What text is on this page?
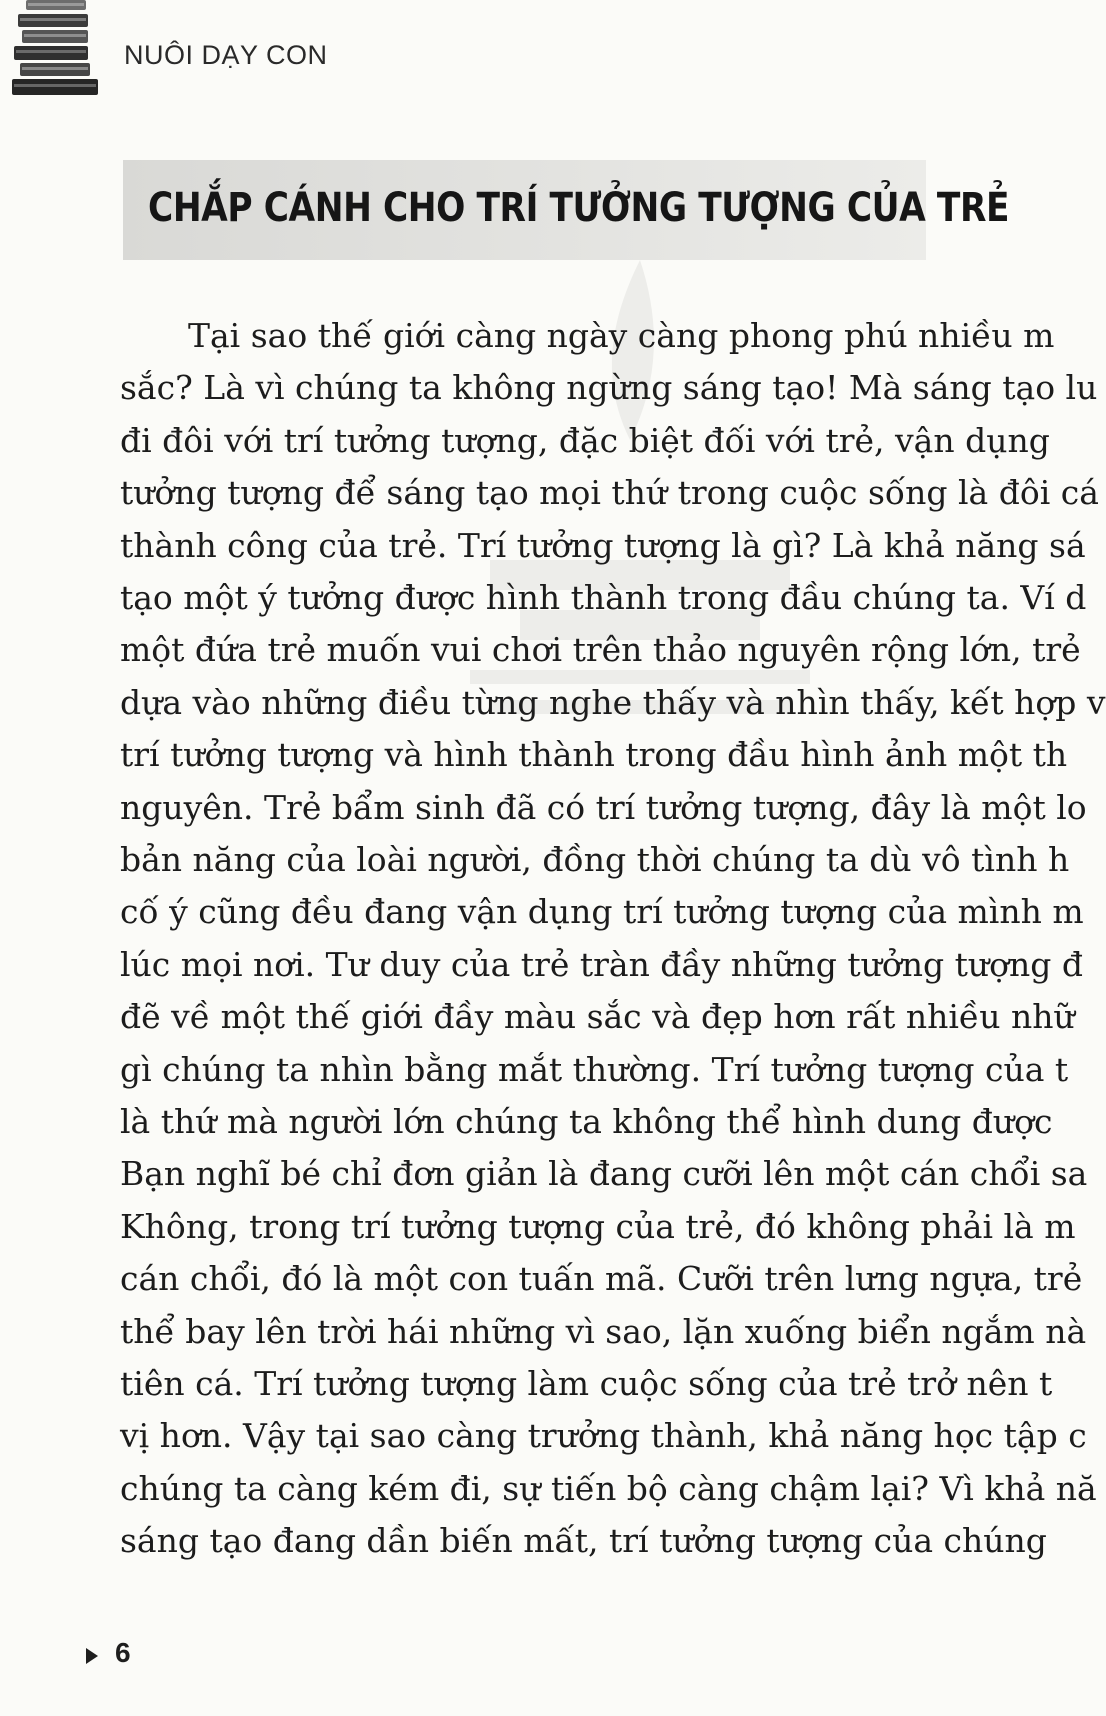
NUÔI DẠY CON
CHẮP CÁNH CHO TRÍ TƯỞNG TƯỢNG CỦA TRẺ
Tại sao thế giới càng ngày càng phong phú nhiều m
sắc? Là vì chúng ta không ngừng sáng tạo! Mà sáng tạo lu
đi đôi với trí tưởng tượng, đặc biệt đối với trẻ, vận dụng
tưởng tượng để sáng tạo mọi thứ trong cuộc sống là đôi cá
thành công của trẻ. Trí tưởng tượng là gì? Là khả năng sá
tạo một ý tưởng được hình thành trong đầu chúng ta. Ví d
một đứa trẻ muốn vui chơi trên thảo nguyên rộng lớn, trẻ
dựa vào những điều từng nghe thấy và nhìn thấy, kết hợp v
trí tưởng tượng và hình thành trong đầu hình ảnh một th
nguyên. Trẻ bẩm sinh đã có trí tưởng tượng, đây là một lo
bản năng của loài người, đồng thời chúng ta dù vô tình h
cố ý cũng đều đang vận dụng trí tưởng tượng của mình m
lúc mọi nơi. Tư duy của trẻ tràn đầy những tưởng tượng đ
đẽ về một thế giới đầy màu sắc và đẹp hơn rất nhiều nhữ
gì chúng ta nhìn bằng mắt thường. Trí tưởng tượng của t
là thứ mà người lớn chúng ta không thể hình dung được
Bạn nghĩ bé chỉ đơn giản là đang cưỡi lên một cán chổi sa
Không, trong trí tưởng tượng của trẻ, đó không phải là m
cán chổi, đó là một con tuấn mã. Cưỡi trên lưng ngựa, trẻ
thể bay lên trời hái những vì sao, lặn xuống biển ngắm nà
tiên cá. Trí tưởng tượng làm cuộc sống của trẻ trở nên t
vị hơn. Vậy tại sao càng trưởng thành, khả năng học tập c
chúng ta càng kém đi, sự tiến bộ càng chậm lại? Vì khả nă
sáng tạo đang dần biến mất, trí tưởng tượng của chúng
6
